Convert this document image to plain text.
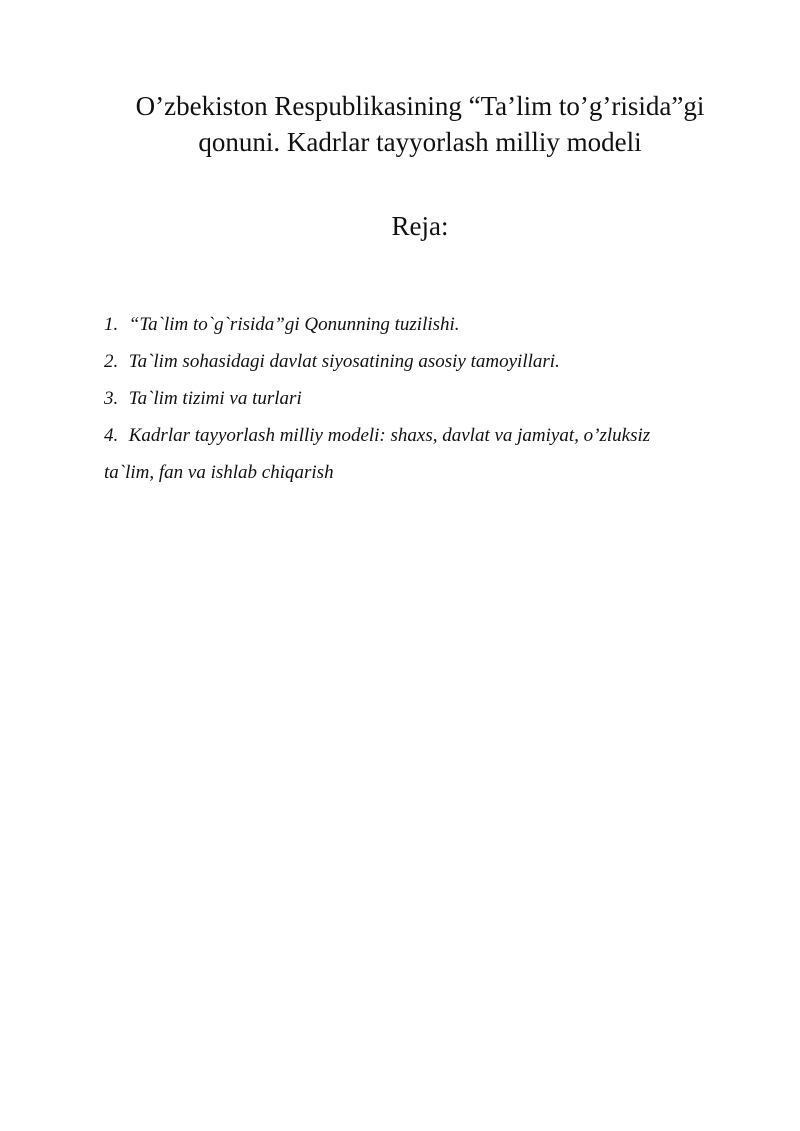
O’zbekiston Respublikasining “Ta’lim to’g’risida”gi
qonuni. Kadrlar tayyorlash milliy modeli
Reja:
1. “Ta`lim to`g`risida”gi Qonunning tuzilishi.
2. Ta`lim sohasidagi davlat siyosatining asosiy tamoyillari.
3. Ta`lim tizimi va turlari
4. Kadrlar tayyorlash milliy modeli: shaxs, davlat va jamiyat, o’zluksiz
ta`lim, fan va ishlab chiqarish
